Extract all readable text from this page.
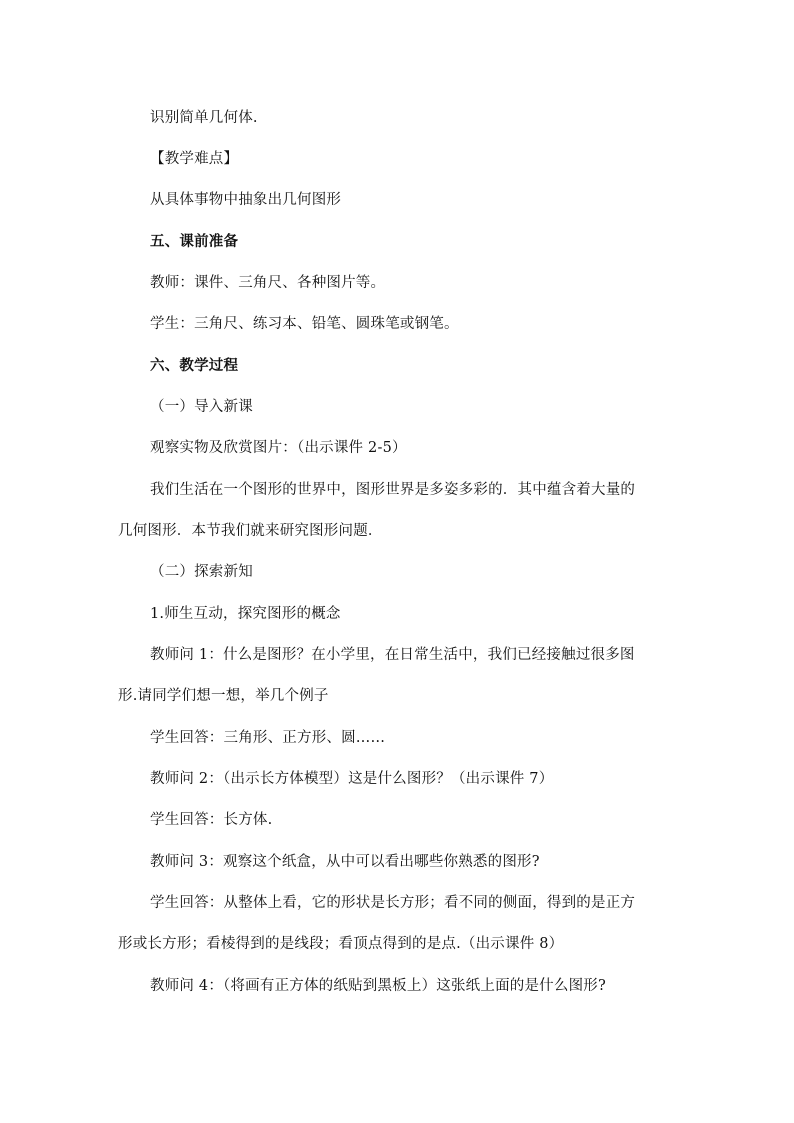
识别简单几何体.
【教学难点】
从具体事物中抽象出几何图形
五、课前准备
教师：课件、三角尺、各种图片等。
学生：三角尺、练习本、铅笔、圆珠笔或钢笔。
六、教学过程
（一）导入新课
观察实物及欣赏图片：（出示课件 2-5）
我们生活在一个图形的世界中，图形世界是多姿多彩的．其中蕴含着大量的
几何图形．本节我们就来研究图形问题．
（二）探索新知
1.师生互动，探究图形的概念
教师问 1：什么是图形？在小学里，在日常生活中，我们已经接触过很多图
形.请同学们想一想，举几个例子
学生回答：三角形、正方形、圆……
教师问 2：（出示长方体模型）这是什么图形？（出示课件 7）
学生回答：长方体.
教师问 3：观察这个纸盒，从中可以看出哪些你熟悉的图形?
学生回答：从整体上看，它的形状是长方形；看不同的侧面，得到的是正方
形或长方形；看棱得到的是线段；看顶点得到的是点.（出示课件 8）
教师问 4：（将画有正方体的纸贴到黑板上）这张纸上面的是什么图形?
